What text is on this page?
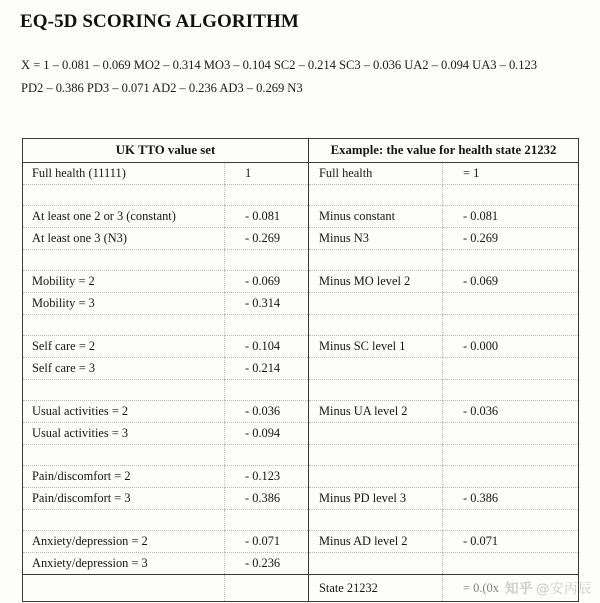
EQ-5D SCORING ALGORITHM
X = 1 – 0.081 – 0.069 MO2 – 0.314 MO3 – 0.104 SC2 – 0.214 SC3 – 0.036 UA2 – 0.094 UA3 – 0.123
PD2 – 0.386 PD3 – 0.071 AD2 – 0.236 AD3 – 0.269 N3
UK TTO value set		Example: the value for health state 21232	
Full health (11111)	1	Full health	= 1

At least one 2 or 3 (constant)	- 0.081	Minus constant	- 0.081
At least one 3 (N3)	- 0.269	Minus N3	- 0.269

Mobility = 2	- 0.069	Minus MO level 2	- 0.069
Mobility = 3	- 0.314		

Self care = 2	- 0.104	Minus SC level 1	- 0.000
Self care = 3	- 0.214		

Usual activities = 2	- 0.036	Minus UA level 2	- 0.036
Usual activities = 3	- 0.094		

Pain/discomfort = 2	- 0.123		
Pain/discomfort = 3	- 0.386	Minus PD level 3	- 0.386

Anxiety/depression = 2	- 0.071	Minus AD level 2	- 0.071
Anxiety/depression = 3	- 0.236		
		State 21232	= 0.(0x 知乎 @安丙辰
